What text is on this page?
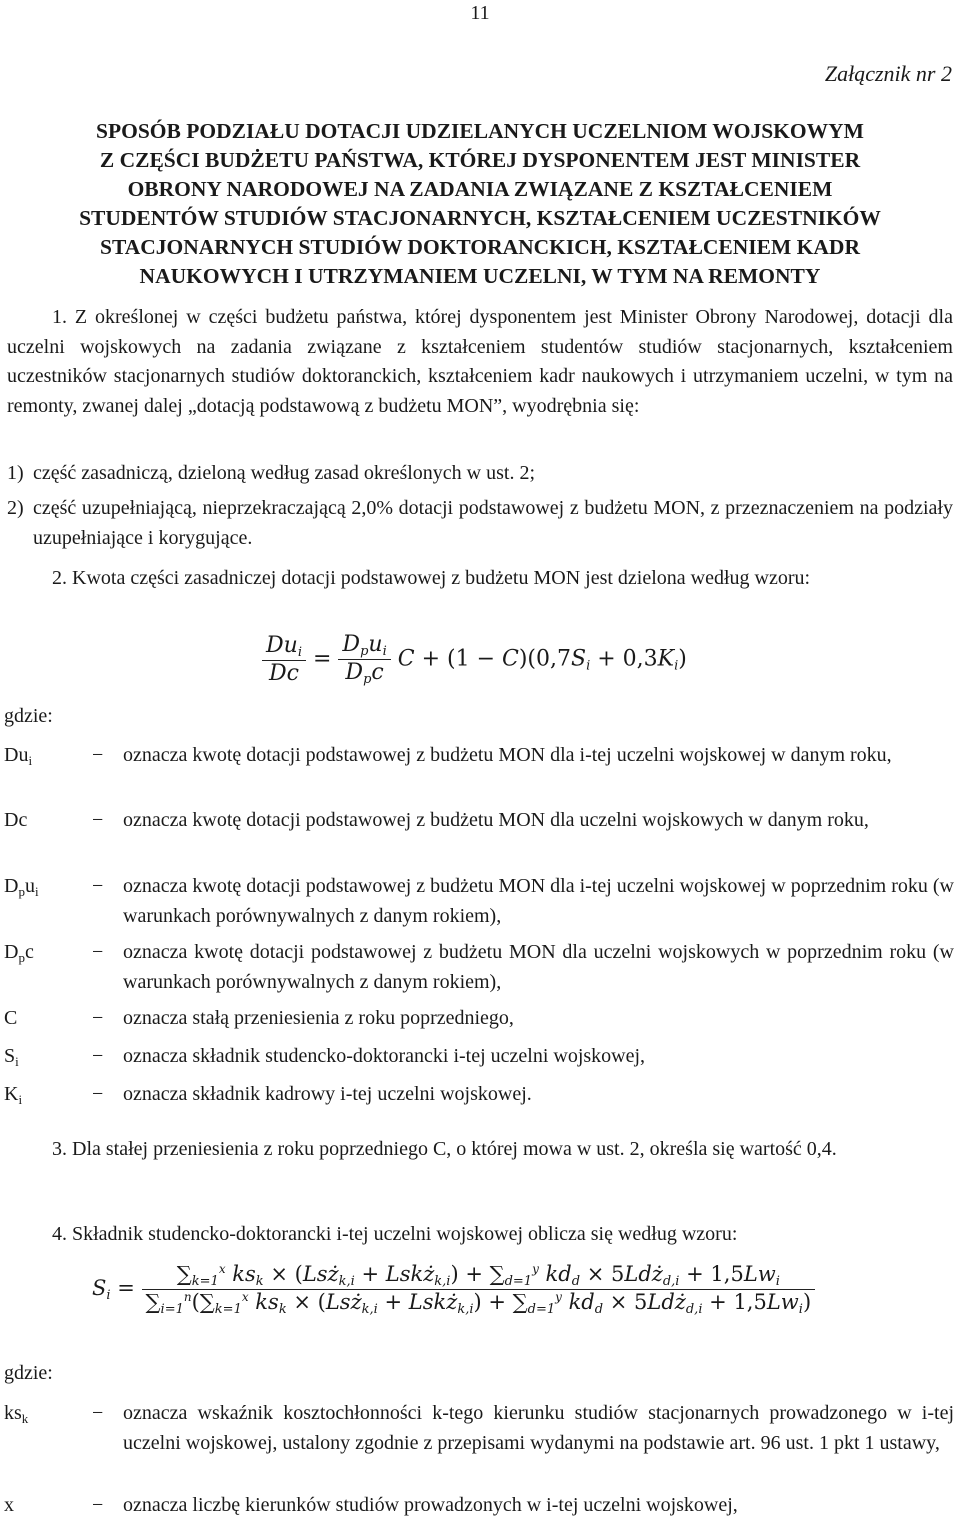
11
Załącznik nr 2
SPOSÓB PODZIAŁU DOTACJI UDZIELANYCH UCZELNIOM WOJSKOWYM
Z CZĘŚCI BUDŻETU PAŃSTWA, KTÓREJ DYSPONENTEM JEST MINISTER
OBRONY NARODOWEJ NA ZADANIA ZWIĄZANE Z KSZTAŁCENIEM
STUDENTÓW STUDIÓW STACJONARNYCH, KSZTAŁCENIEM UCZESTNIKÓW
STACJONARNYCH STUDIÓW DOKTORANCKICH, KSZTAŁCENIEM KADR
NAUKOWYCH I UTRZYMANIEM UCZELNI, W TYM NA REMONTY
1. Z określonej w części budżetu państwa, której dysponentem jest Minister Obrony Narodowej, dotacji dla uczelni wojskowych na zadania związane z kształceniem studentów studiów stacjonarnych, kształceniem uczestników stacjonarnych studiów doktoranckich, kształceniem kadr naukowych i utrzymaniem uczelni, w tym na remonty, zwanej dalej „dotacją podstawową z budżetu MON”, wyodrębnia się:
1) część zasadniczą, dzieloną według zasad określonych w ust. 2;
2) część uzupełniającą, nieprzekraczającą 2,0% dotacji podstawowej z budżetu MON, z przeznaczeniem na podziały uzupełniające i korygujące.
2. Kwota części zasadniczej dotacji podstawowej z budżetu MON jest dzielona według wzoru:
$\frac{Du_i}{Dc} = \frac{D_pu_i}{D_pc}$ $C + (1 - C)(0,7S_i + 0,3K_i)$
gdzie:
$Du_i$	− oznacza kwotę dotacji podstawowej z budżetu MON dla i-tej uczelni wojskowej w danym roku,
Dc	− oznacza kwotę dotacji podstawowej z budżetu MON dla uczelni wojskowych w danym roku,
$D_pu_i$	− oznacza kwotę dotacji podstawowej z budżetu MON dla i-tej uczelni wojskowej w poprzednim roku (w warunkach porównywalnych z danym rokiem),
$D_pc$	− oznacza kwotę dotacji podstawowej z budżetu MON dla uczelni wojskowych w poprzednim roku (w warunkach porównywalnych z danym rokiem),
C	− oznacza stałą przeniesienia z roku poprzedniego,
$S_i$	− oznacza składnik studencko-doktorancki i-tej uczelni wojskowej,
$K_i$	− oznacza składnik kadrowy i-tej uczelni wojskowej.
3. Dla stałej przeniesienia z roku poprzedniego C, o której mowa w ust. 2, określa się wartość 0,4.
4. Składnik studencko-doktorancki i-tej uczelni wojskowej oblicza się według wzoru:
$S_i$ =
$\sum_{k=1}^x$ $ks_k$ × (Lsż$_{k,i}$ + Lskż$_{k,i}$) + $\sum_{d=1}^y$ $kd_d$ × 5Ldż$_{d,i}$ + $1,5Lw_i$
$\sum_{i=1}^n(\sum_{k=1}^x$ $ks_k$ × (Lsż$_{k,i}$ + Lskż$_{k,i}$) + $\sum_{d=1}^y$ $kd_d$ × 5Ldż$_{d,i}$ + $1,5Lw_i$)
gdzie:
$ks_k$	− oznacza wskaźnik kosztochłonności k-tego kierunku studiów stacjonarnych prowadzonego w i-tej uczelni wojskowej, ustalony zgodnie z przepisami wydanymi na podstawie art. 96 ust. 1 pkt 1 ustawy,
x	− oznacza liczbę kierunków studiów prowadzonych w i-tej uczelni wojskowej,
